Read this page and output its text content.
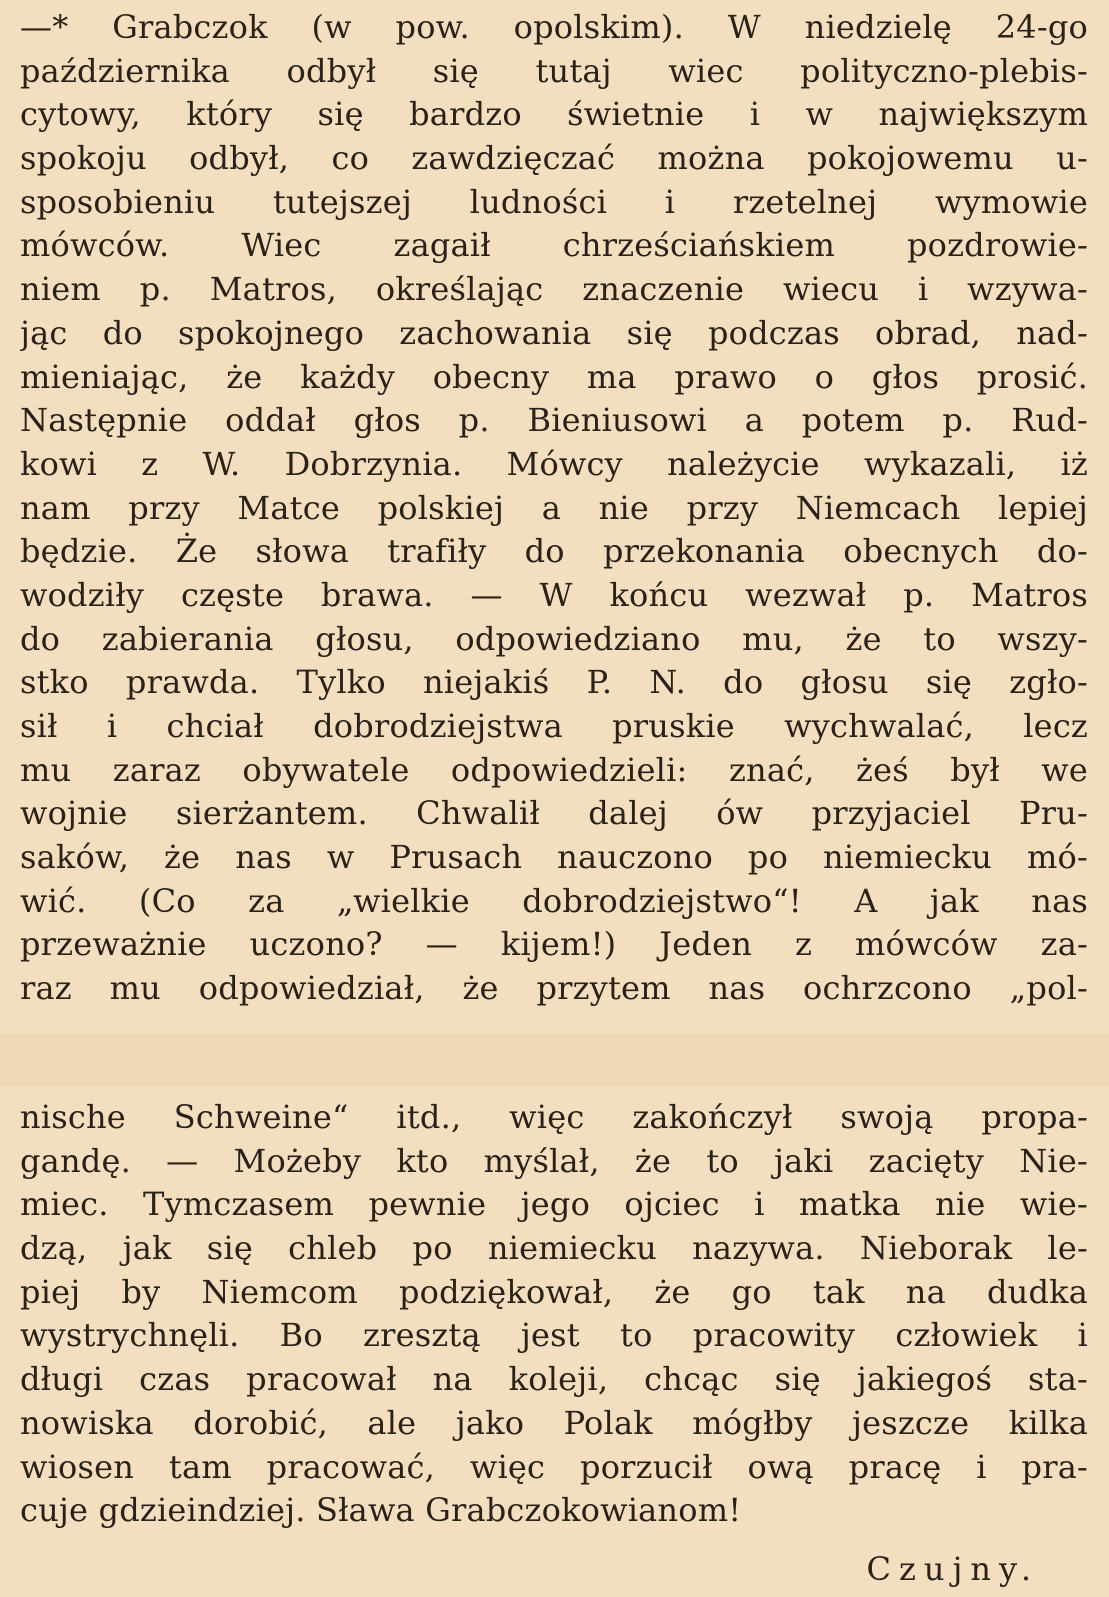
—* Grabczok (w pow. opolskim). W niedzielę 24-go
października odbył się tutaj wiec polityczno-plebis-
cytowy, który się bardzo świetnie i w największym
spokoju odbył, co zawdzięczać można pokojowemu u-
sposobieniu tutejszej ludności i rzetelnej wymowie
mówców. Wiec zagaił chrześciańskiem pozdrowie-
niem p. Matros, określając znaczenie wiecu i wzywa-
jąc do spokojnego zachowania się podczas obrad, nad-
mieniając, że każdy obecny ma prawo o głos prosić.
Następnie oddał głos p. Bieniusowi a potem p. Rud-
kowi z W. Dobrzynia. Mówcy należycie wykazali, iż
nam przy Matce polskiej a nie przy Niemcach lepiej
będzie. Że słowa trafiły do przekonania obecnych do-
wodziły częste brawa. — W końcu wezwał p. Matros
do zabierania głosu, odpowiedziano mu, że to wszy-
stko prawda. Tylko niejakiś P. N. do głosu się zgło-
sił i chciał dobrodziejstwa pruskie wychwalać, lecz
mu zaraz obywatele odpowiedzieli: znać, żeś był we
wojnie sierżantem. Chwalił dalej ów przyjaciel Pru-
saków, że nas w Prusach nauczono po niemiecku mó-
wić. (Co za „wielkie dobrodziejstwo“! A jak nas
przeważnie uczono? — kijem!) Jeden z mówców za-
raz mu odpowiedział, że przytem nas ochrzcono „pol-
nische Schweine“ itd., więc zakończył swoją propa-
gandę. — Możeby kto myślał, że to jaki zacięty Nie-
miec. Tymczasem pewnie jego ojciec i matka nie wie-
dzą, jak się chleb po niemiecku nazywa. Nieborak le-
piej by Niemcom podziękował, że go tak na dudka
wystrychnęli. Bo zresztą jest to pracowity człowiek i
długi czas pracował na koleji, chcąc się jakiegoś sta-
nowiska dorobić, ale jako Polak mógłby jeszcze kilka
wiosen tam pracować, więc porzucił ową pracę i pra-
cuje gdzieindziej. Sława Grabczokowianom!
Czujny.
